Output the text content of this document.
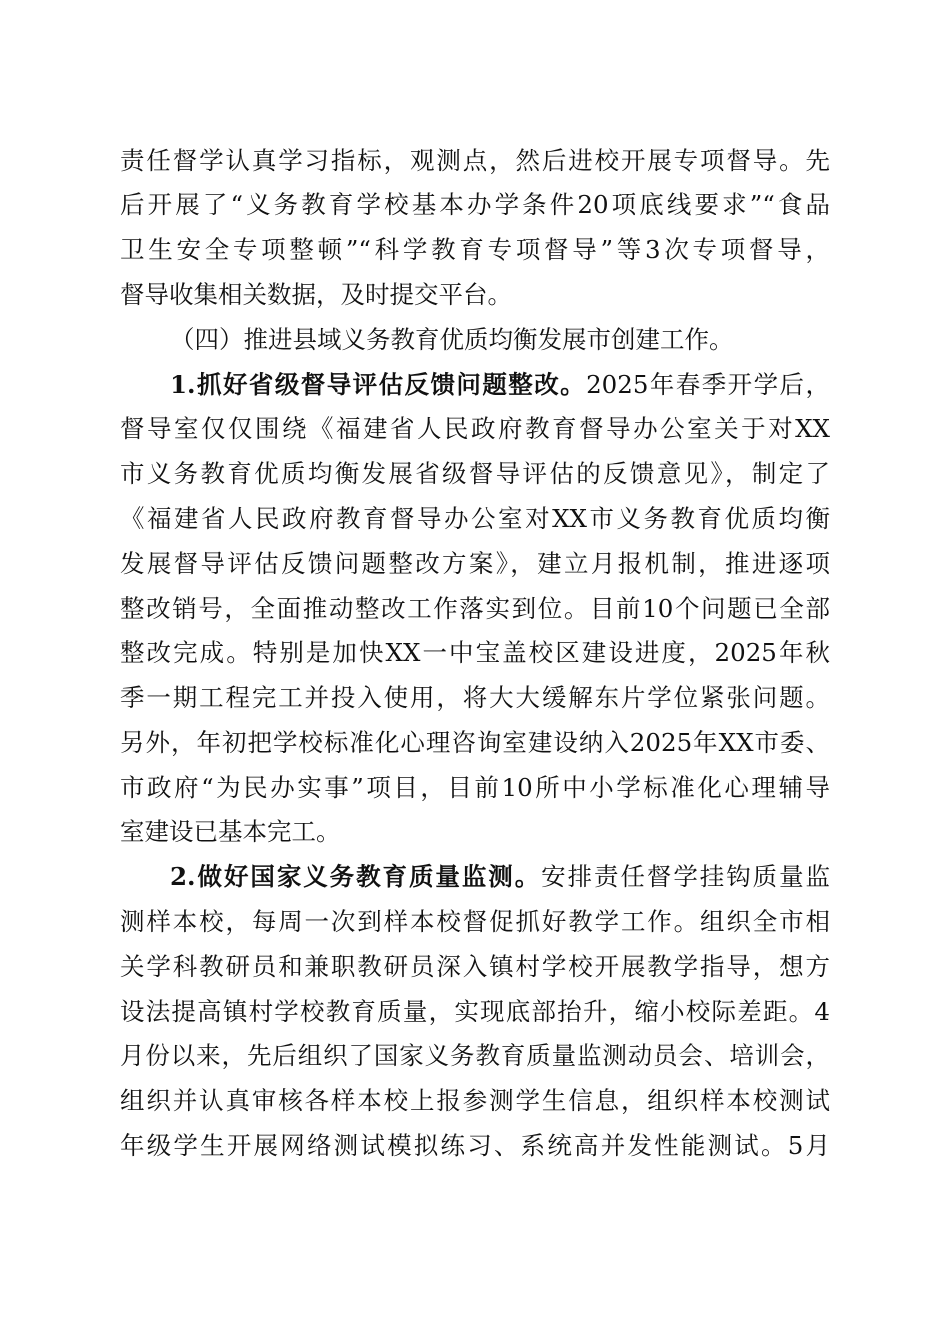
责任督学认真学习指标，观测点，然后进校开展专项督导。先
后开展了“义务教育学校基本办学条件20项底线要求”“食品
卫生安全专项整顿”“科学教育专项督导”等3次专项督导，
督导收集相关数据，及时提交平台。
（四）推进县域义务教育优质均衡发展市创建工作。
1.抓好省级督导评估反馈问题整改。2025年春季开学后，
督导室仅仅围绕《福建省人民政府教育督导办公室关于对XX
市义务教育优质均衡发展省级督导评估的反馈意见》，制定了
《福建省人民政府教育督导办公室对XX市义务教育优质均衡
发展督导评估反馈问题整改方案》，建立月报机制，推进逐项
整改销号，全面推动整改工作落实到位。目前10个问题已全部
整改完成。特别是加快XX一中宝盖校区建设进度，2025年秋
季一期工程完工并投入使用，将大大缓解东片学位紧张问题。
另外，年初把学校标准化心理咨询室建设纳入2025年XX市委、
市政府“为民办实事”项目，目前10所中小学标准化心理辅导
室建设已基本完工。
2.做好国家义务教育质量监测。安排责任督学挂钩质量监
测样本校，每周一次到样本校督促抓好教学工作。组织全市相
关学科教研员和兼职教研员深入镇村学校开展教学指导，想方
设法提高镇村学校教育质量，实现底部抬升，缩小校际差距。4
月份以来，先后组织了国家义务教育质量监测动员会、培训会，
组织并认真审核各样本校上报参测学生信息，组织样本校测试
年级学生开展网络测试模拟练习、系统高并发性能测试。5月
